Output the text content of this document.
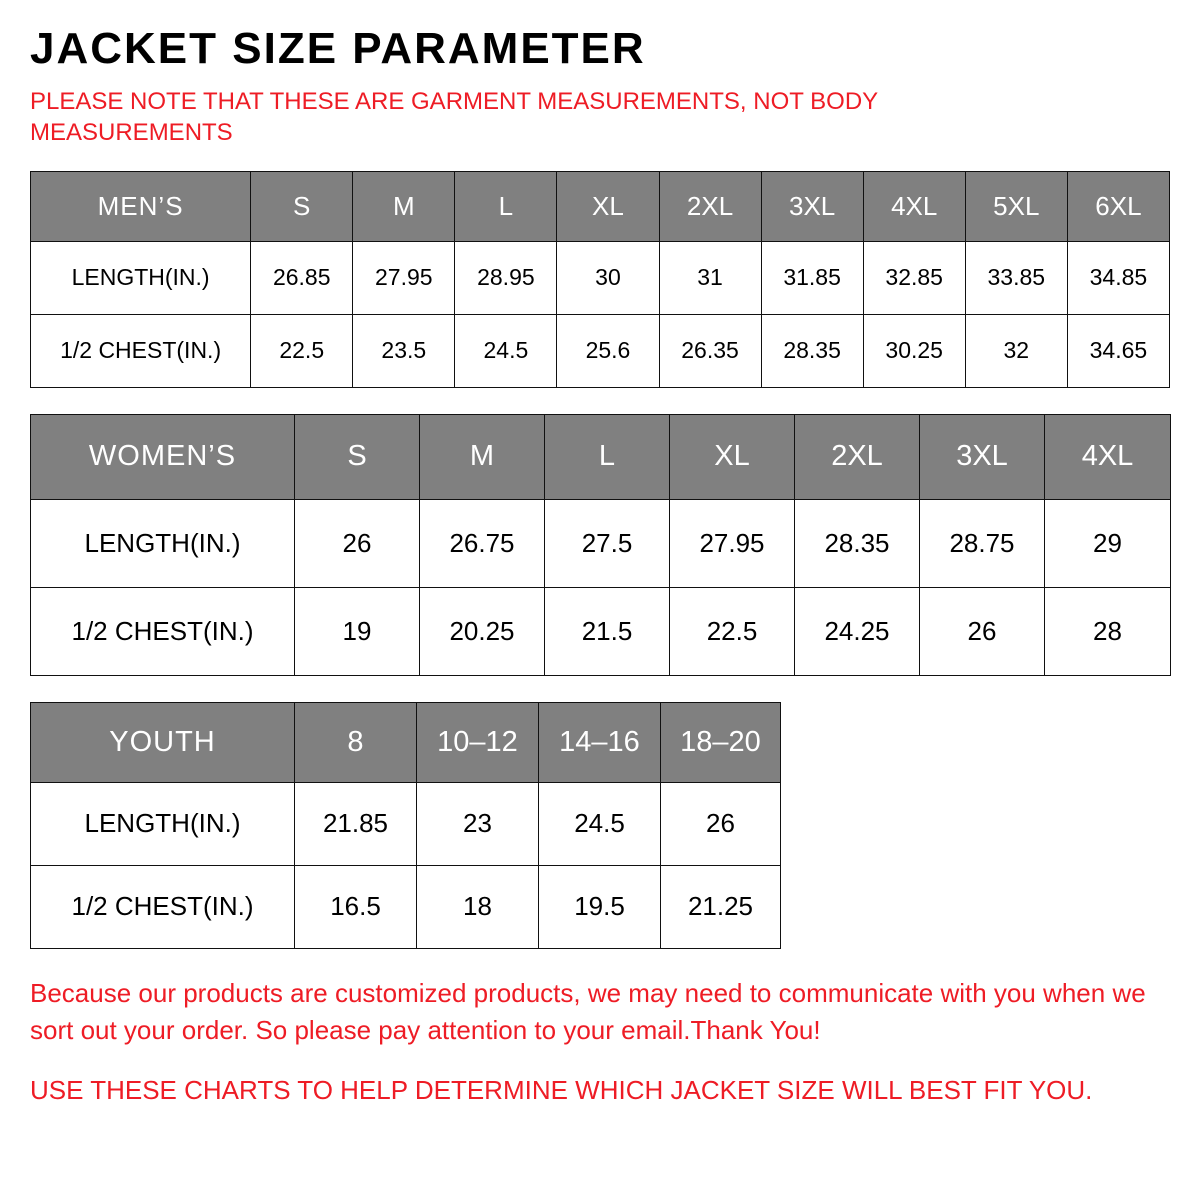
JACKET SIZE PARAMETER

PLEASE NOTE THAT THESE ARE GARMENT MEASUREMENTS, NOT BODY MEASUREMENTS

MEN’S	S	M	L	XL	2XL	3XL	4XL	5XL	6XL
LENGTH(IN.)	26.85	27.95	28.95	30	31	31.85	32.85	33.85	34.85
1/2 CHEST(IN.)	22.5	23.5	24.5	25.6	26.35	28.35	30.25	32	34.65
WOMEN’S	S	M	L	XL	2XL	3XL	4XL
LENGTH(IN.)	26	26.75	27.5	27.95	28.35	28.75	29
1/2 CHEST(IN.)	19	20.25	21.5	22.5	24.25	26	28
YOUTH	8	10–12	14–16	18–20
LENGTH(IN.)	21.85	23	24.5	26
1/2 CHEST(IN.)	16.5	18	19.5	21.25

Because our products are customized products, we may need to communicate with you when we sort out your order. So please pay attention to your email.Thank You!

USE THESE CHARTS TO HELP DETERMINE WHICH JACKET SIZE WILL BEST FIT YOU.
